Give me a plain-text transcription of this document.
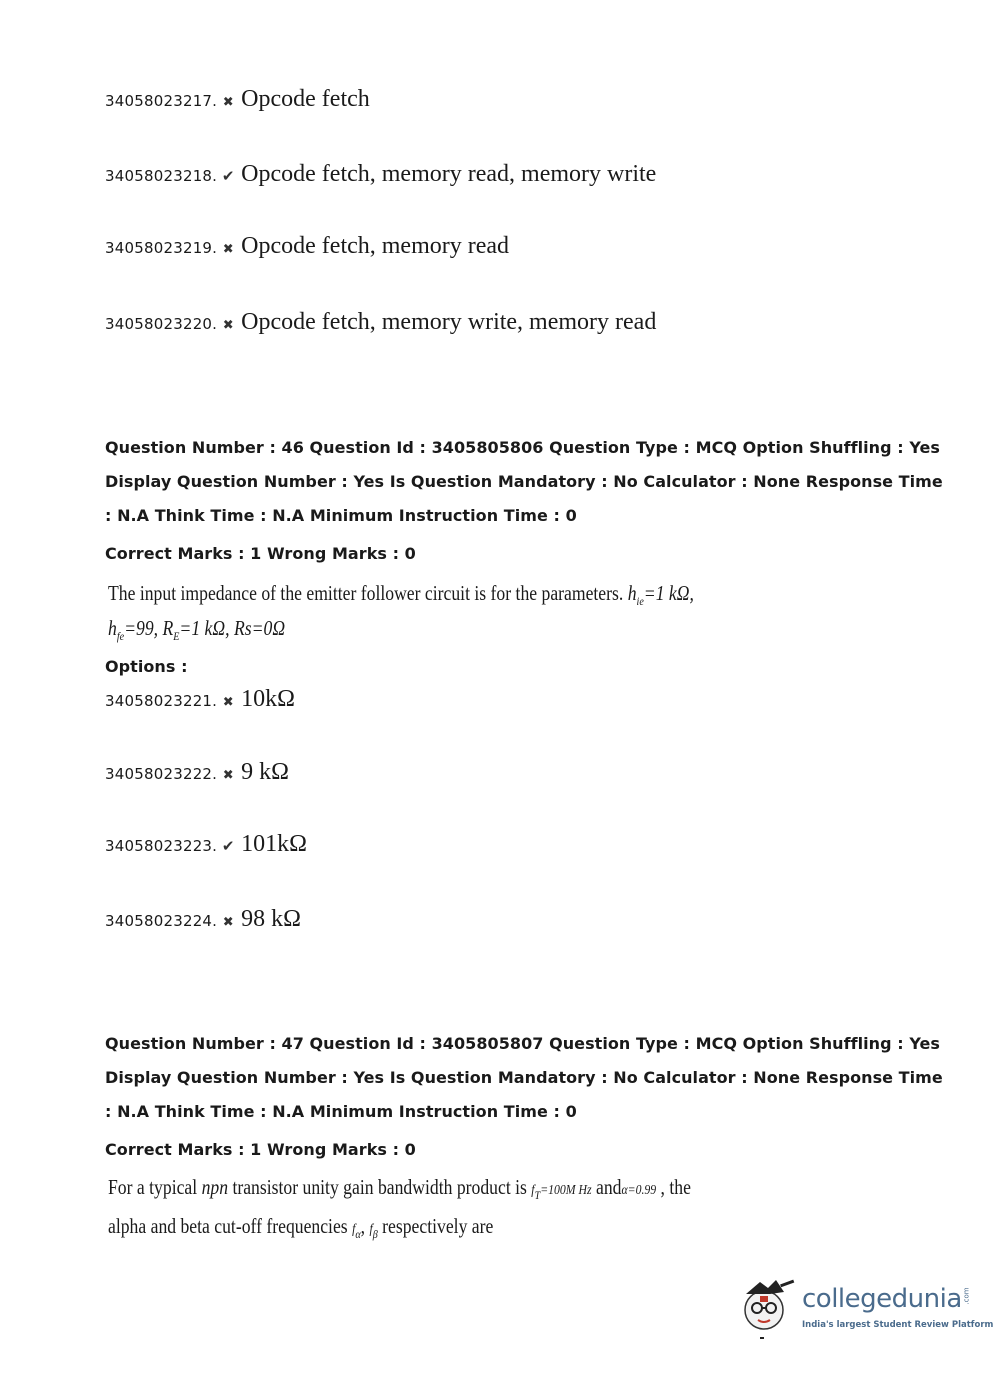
34058023217. ✖ Opcode fetch
34058023218. ✔ Opcode fetch, memory read, memory write
34058023219. ✖ Opcode fetch, memory read
34058023220. ✖ Opcode fetch, memory write, memory read
Question Number : 46 Question Id : 3405805806 Question Type : MCQ Option Shuffling : Yes
Display Question Number : Yes Is Question Mandatory : No Calculator : None Response Time
: N.A Think Time : N.A Minimum Instruction Time : 0
Correct Marks : 1 Wrong Marks : 0
The input impedance of the emitter follower circuit is for the parameters. $h_{ie}=1$ kΩ,
$h_{fe}=99$, $R_E=1$ kΩ, Rs=0Ω
Options :
34058023221. ✖ 10kΩ
34058023222. ✖ 9 kΩ
34058023223. ✔ 101kΩ
34058023224. ✖ 98 kΩ
Question Number : 47 Question Id : 3405805807 Question Type : MCQ Option Shuffling : Yes
Display Question Number : Yes Is Question Mandatory : No Calculator : None Response Time
: N.A Think Time : N.A Minimum Instruction Time : 0
Correct Marks : 1 Wrong Marks : 0
For a typical npn transistor unity gain bandwidth product is $f_T=100M$ Hz andα=0.99 , the
alpha and beta cut-off frequencies $f_\alpha$, $f_\beta$ respectively are
collegedunia .com
India's largest Student Review Platform
